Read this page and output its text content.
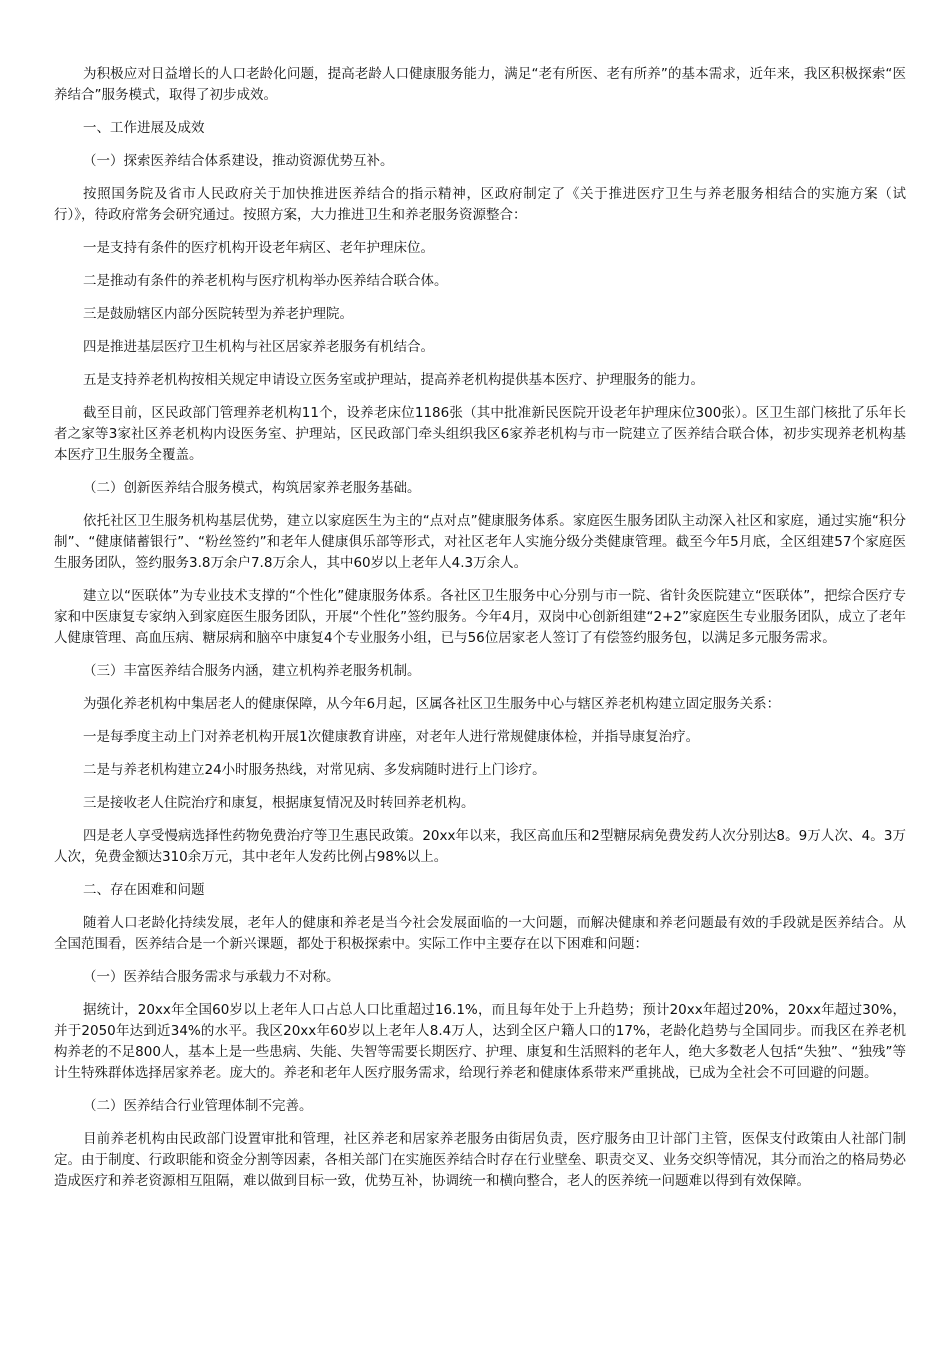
为积极应对日益增长的人口老龄化问题，提高老龄人口健康服务能力，满足“老有所医、老有所养”的基本需求，近年来，我区积极探索“医养结合”服务模式，取得了初步成效。

一、工作进展及成效

（一）探索医养结合体系建设，推动资源优势互补。

按照国务院及省市人民政府关于加快推进医养结合的指示精神，区政府制定了《关于推进医疗卫生与养老服务相结合的实施方案（试行）》，待政府常务会研究通过。按照方案，大力推进卫生和养老服务资源整合：

一是支持有条件的医疗机构开设老年病区、老年护理床位。

二是推动有条件的养老机构与医疗机构举办医养结合联合体。

三是鼓励辖区内部分医院转型为养老护理院。

四是推进基层医疗卫生机构与社区居家养老服务有机结合。

五是支持养老机构按相关规定申请设立医务室或护理站，提高养老机构提供基本医疗、护理服务的能力。

截至目前，区民政部门管理养老机构11个，设养老床位1186张（其中批准新民医院开设老年护理床位300张）。区卫生部门核批了乐年长者之家等3家社区养老机构内设医务室、护理站，区民政部门牵头组织我区6家养老机构与市一院建立了医养结合联合体，初步实现养老机构基本医疗卫生服务全覆盖。

（二）创新医养结合服务模式，构筑居家养老服务基础。

依托社区卫生服务机构基层优势，建立以家庭医生为主的“点对点”健康服务体系。家庭医生服务团队主动深入社区和家庭，通过实施“积分制”、“健康储蓄银行”、“粉丝签约”和老年人健康俱乐部等形式，对社区老年人实施分级分类健康管理。截至今年5月底，全区组建57个家庭医生服务团队，签约服务3.8万余户7.8万余人，其中60岁以上老年人4.3万余人。

建立以“医联体”为专业技术支撑的“个性化”健康服务体系。各社区卫生服务中心分别与市一院、省针灸医院建立“医联体”，把综合医疗专家和中医康复专家纳入到家庭医生服务团队，开展“个性化”签约服务。今年4月，双岗中心创新组建“2+2”家庭医生专业服务团队，成立了老年人健康管理、高血压病、糖尿病和脑卒中康复4个专业服务小组，已与56位居家老人签订了有偿签约服务包，以满足多元服务需求。

（三）丰富医养结合服务内涵，建立机构养老服务机制。

为强化养老机构中集居老人的健康保障，从今年6月起，区属各社区卫生服务中心与辖区养老机构建立固定服务关系：

一是每季度主动上门对养老机构开展1次健康教育讲座，对老年人进行常规健康体检，并指导康复治疗。

二是与养老机构建立24小时服务热线，对常见病、多发病随时进行上门诊疗。

三是接收老人住院治疗和康复，根据康复情况及时转回养老机构。

四是老人享受慢病选择性药物免费治疗等卫生惠民政策。20xx年以来，我区高血压和2型糖尿病免费发药人次分别达8。9万人次、4。3万人次，免费金额达310余万元，其中老年人发药比例占98%以上。

二、存在困难和问题

随着人口老龄化持续发展，老年人的健康和养老是当今社会发展面临的一大问题，而解决健康和养老问题最有效的手段就是医养结合。从全国范围看，医养结合是一个新兴课题，都处于积极探索中。实际工作中主要存在以下困难和问题：

（一）医养结合服务需求与承载力不对称。

据统计，20xx年全国60岁以上老年人口占总人口比重超过16.1%，而且每年处于上升趋势；预计20xx年超过20%，20xx年超过30%，并于2050年达到近34%的水平。我区20xx年60岁以上老年人8.4万人，达到全区户籍人口的17%，老龄化趋势与全国同步。而我区在养老机构养老的不足800人，基本上是一些患病、失能、失智等需要长期医疗、护理、康复和生活照料的老年人，绝大多数老人包括“失独”、“独残”等计生特殊群体选择居家养老。庞大的。养老和老年人医疗服务需求，给现行养老和健康体系带来严重挑战，已成为全社会不可回避的问题。

（二）医养结合行业管理体制不完善。

目前养老机构由民政部门设置审批和管理，社区养老和居家养老服务由街居负责，医疗服务由卫计部门主管，医保支付政策由人社部门制定。由于制度、行政职能和资金分割等因素，各相关部门在实施医养结合时存在行业壁垒、职责交叉、业务交织等情况，其分而治之的格局势必造成医疗和养老资源相互阻隔，难以做到目标一致，优势互补，协调统一和横向整合，老人的医养统一问题难以得到有效保障。
